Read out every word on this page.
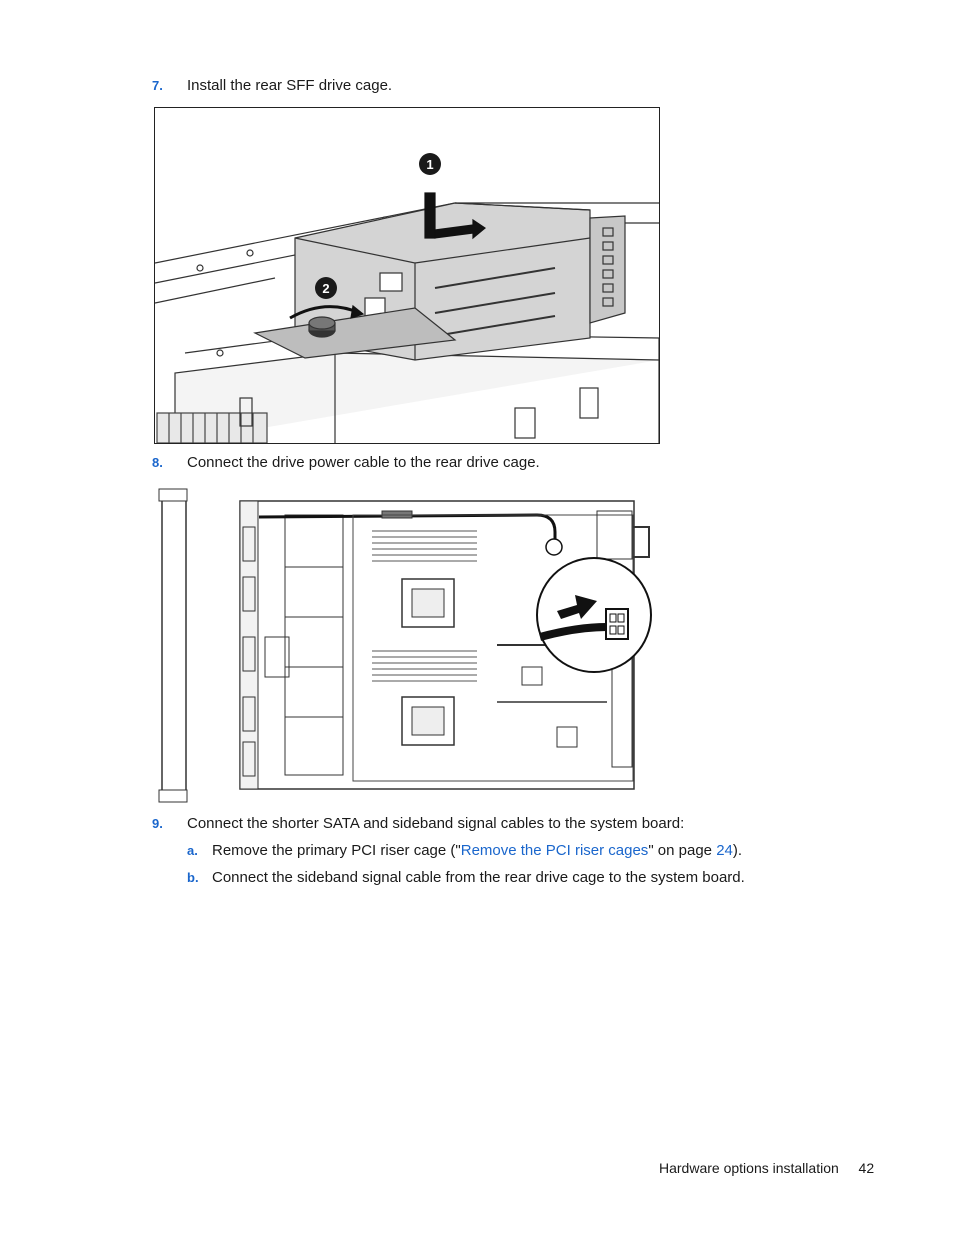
7. Install the rear SFF drive cage.
1
2
8. Connect the drive power cable to the rear drive cage.
9. Connect the shorter SATA and sideband signal cables to the system board:
a. Remove the primary PCI riser cage ("Remove the PCI riser cages" on page 24).
b. Connect the sideband signal cable from the rear drive cage to the system board.
Hardware options installation 42
